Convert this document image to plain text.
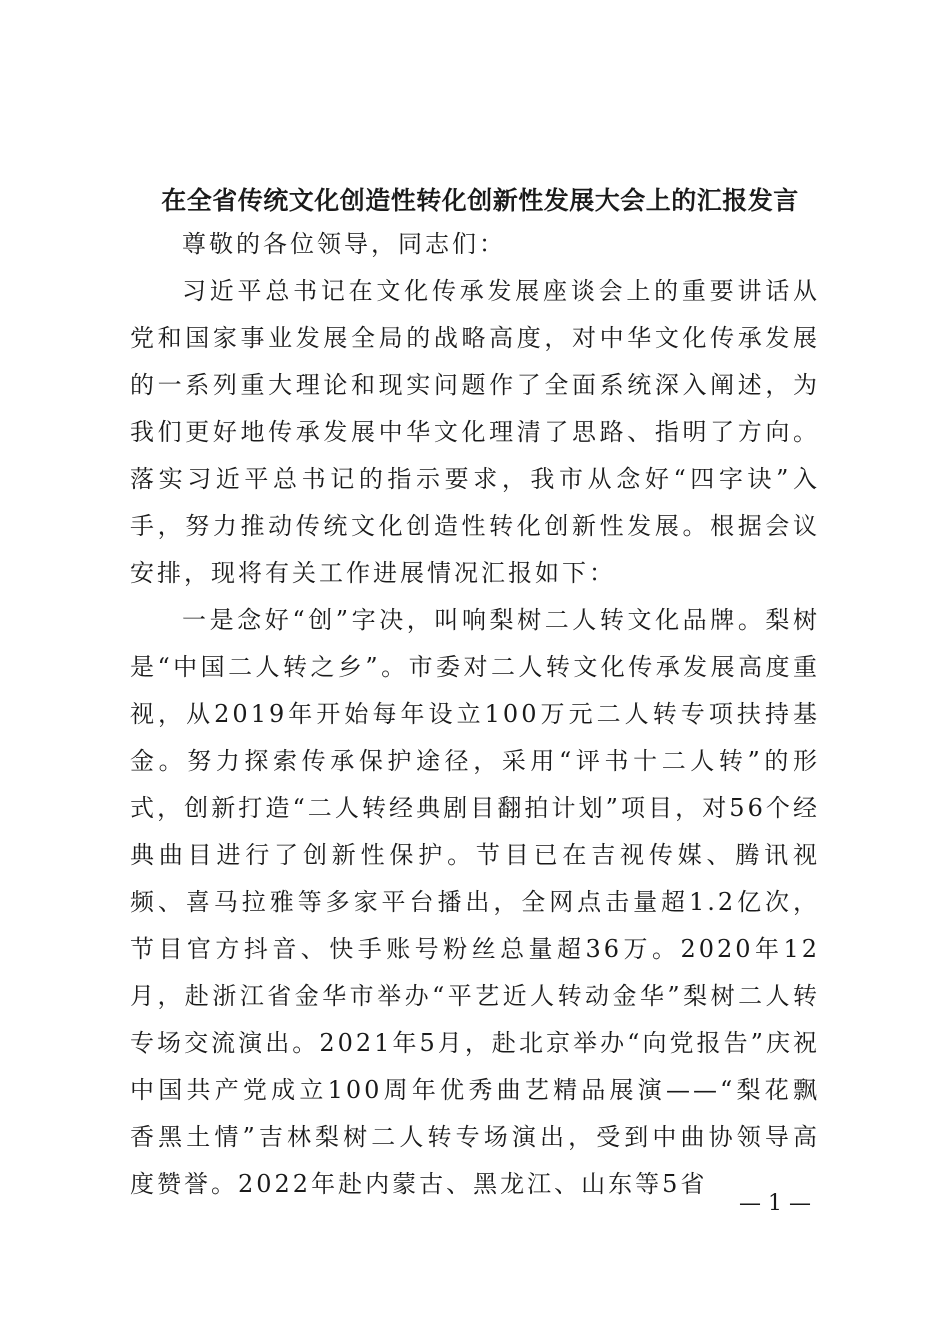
在全省传统文化创造性转化创新性发展大会上的汇报发言

尊敬的各位领导，同志们：

习近平总书记在文化传承发展座谈会上的重要讲话从党和国家事业发展全局的战略高度，对中华文化传承发展的一系列重大理论和现实问题作了全面系统深入阐述，为我们更好地传承发展中华文化理清了思路、指明了方向。落实习近平总书记的指示要求，我市从念好“四字诀”入手，努力推动传统文化创造性转化创新性发展。根据会议安排，现将有关工作进展情况汇报如下：

一是念好“创”字决，叫响梨树二人转文化品牌。梨树是“中国二人转之乡”。市委对二人转文化传承发展高度重视，从2019年开始每年设立100万元二人转专项扶持基金。努力探索传承保护途径，采用“评书十二人转”的形式，创新打造“二人转经典剧目翻拍计划”项目，对56个经典曲目进行了创新性保护。节目已在吉视传媒、腾讯视频、喜马拉雅等多家平台播出，全网点击量超1.2亿次，节目官方抖音、快手账号粉丝总量超36万。2020年12月，赴浙江省金华市举办“平艺近人转动金华”梨树二人转专场交流演出。2021年5月，赴北京举办“向党报告”庆祝中国共产党成立100周年优秀曲艺精品展演——“梨花飘香黑土情”吉林梨树二人转专场演出，受到中曲协领导高度赞誉。2022年赴内蒙古、黑龙江、山东等5省

— 1 —
